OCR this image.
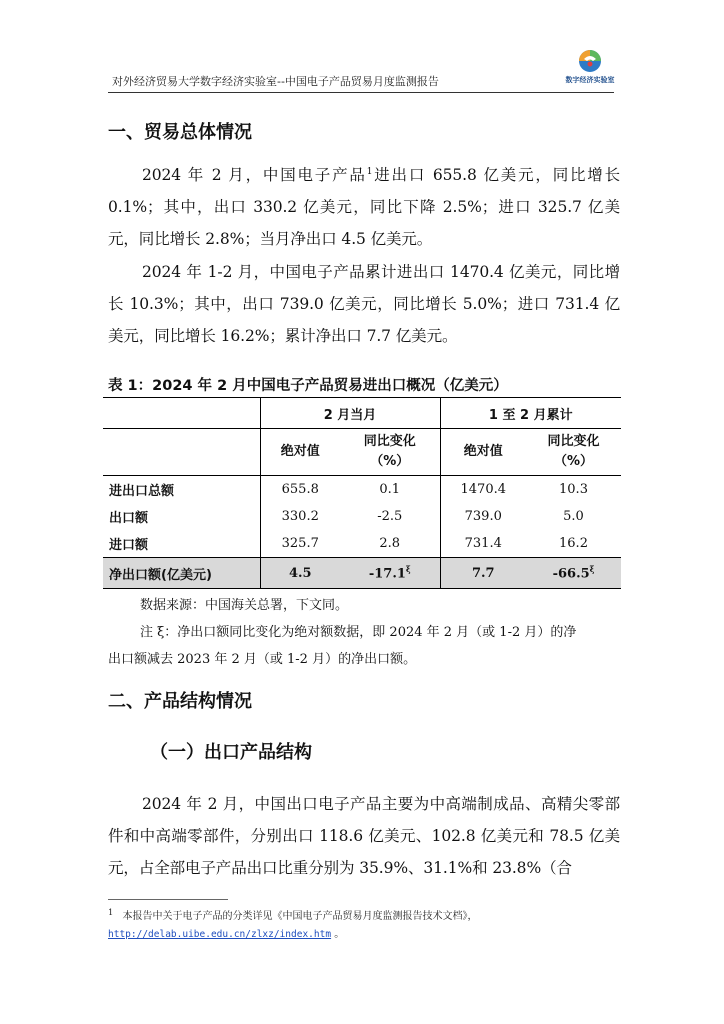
对外经济贸易大学数字经济实验室--中国电子产品贸易月度监测报告	数字经济实验室
一、贸易总体情况

2024 年 2 月，中国电子产品$^1$进出口 655.8 亿美元，同比增长 0.1%；其中，出口 330.2 亿美元，同比下降 2.5%；进口 325.7 亿美元，同比增长 2.8%；当月净出口 4.5 亿美元。

2024 年 1-2 月，中国电子产品累计进出口 1470.4 亿美元，同比增长 10.3%；其中，出口 739.0 亿美元，同比增长 5.0%；进口 731.4 亿美元，同比增长 16.2%；累计净出口 7.7 亿美元。

表 1：2024 年 2 月中国电子产品贸易进出口概况（亿美元）
	2 月当月		1 至 2 月累计	
	绝对值	同比变化（%）	绝对值	同比变化（%）
进出口总额	655.8	0.1	1470.4	10.3
出口额	330.2	-2.5	739.0	5.0
进口额	325.7	2.8	731.4	16.2
净出口额(亿美元)	4.5	$-17.1^\xi$	7.7	$-66.5^\xi$
数据来源：中国海关总署，下文同。
注 ξ：净出口额同比变化为绝对额数据，即 2024 年 2 月（或 1-2 月）的净
出口额减去 2023 年 2 月（或 1-2 月）的净出口额。
二、产品结构情况
（一）出口产品结构

2024 年 2 月，中国出口电子产品主要为中高端制成品、高精尖零部件和中高端零部件，分别出口 118.6 亿美元、102.8 亿美元和 78.5 亿美元，占全部电子产品出口比重分别为 35.9%、31.1%和 23.8%（合

$^1$ 本报告中关于电子产品的分类详见《中国电子产品贸易月度监测报告技术文档》，
http://delab.uibe.edu.cn/zlxz/index.htm 。
